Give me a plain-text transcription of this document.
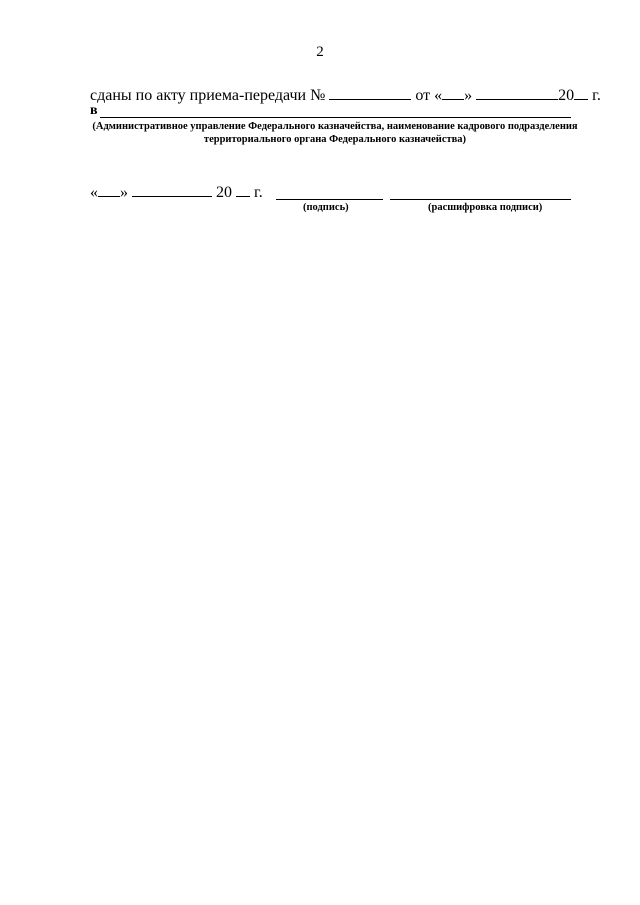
2
сданы по акту приема-передачи №	от « »	20 г.
в
(Административное управление Федерального казначейства, наименование кадрового подразделения
территориального органа Федерального казначейства)
« »	20 г.
(подпись)	(расшифровка подписи)
